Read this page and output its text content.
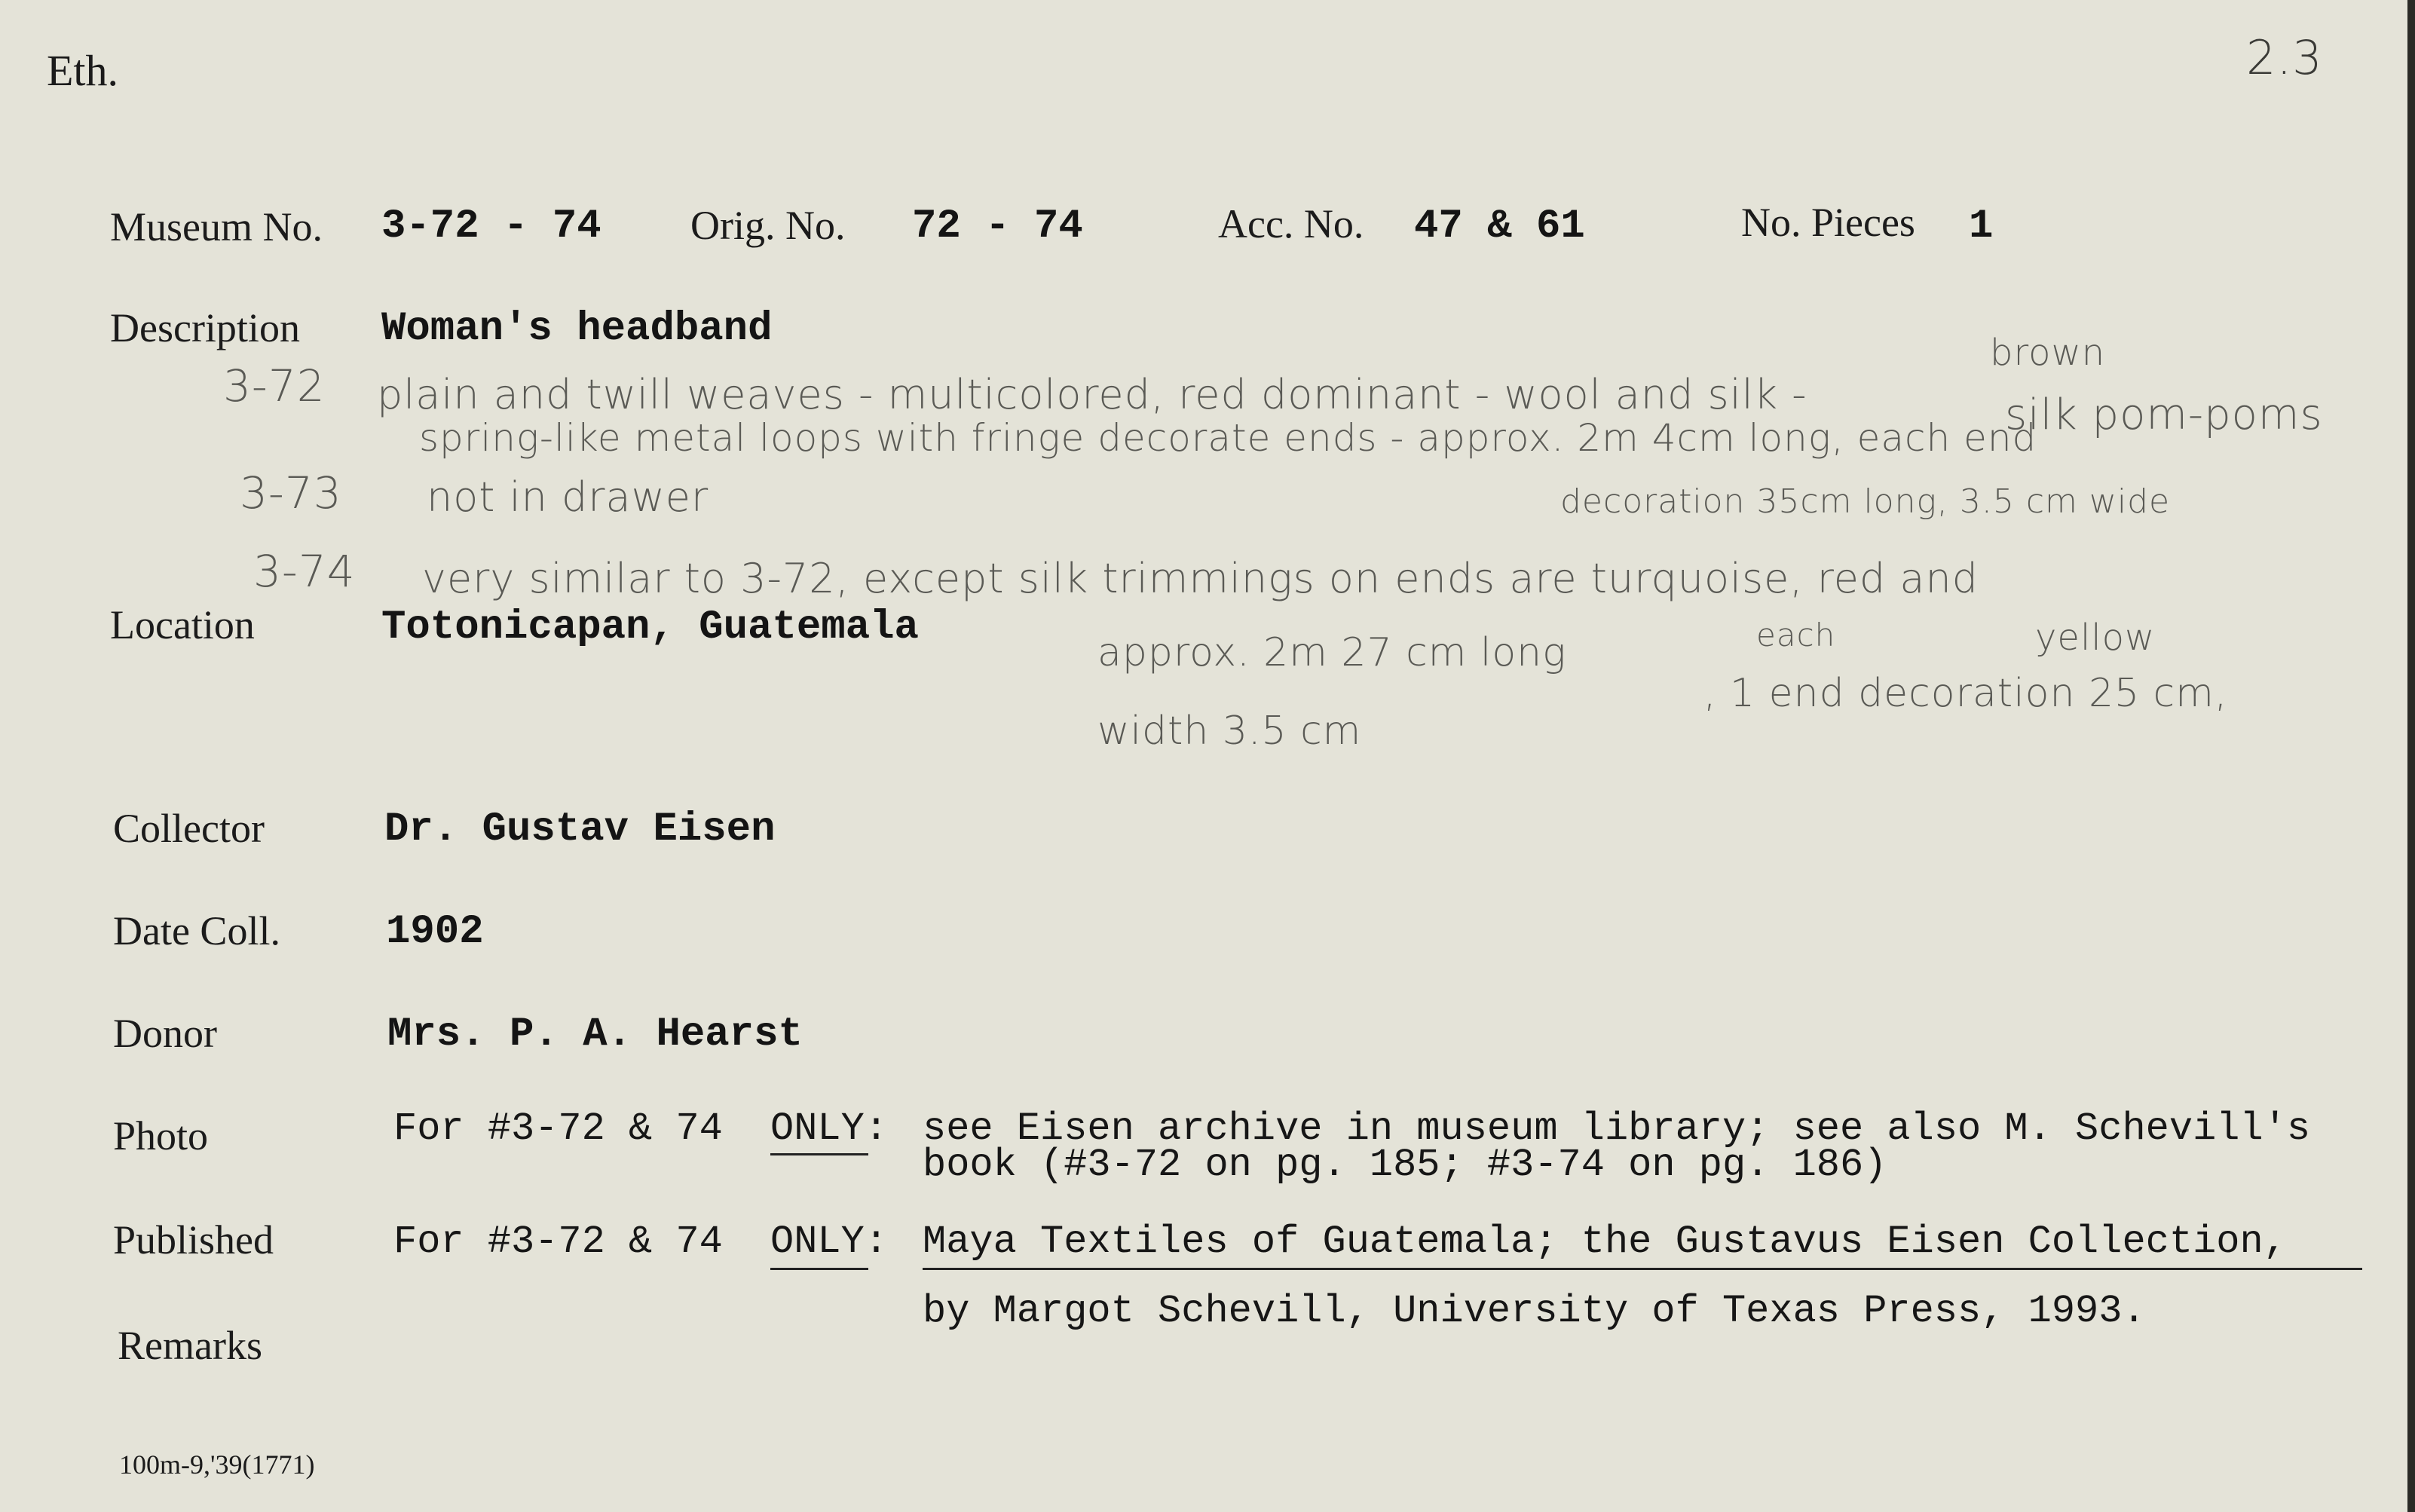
Eth.	2.3
Museum No. 3-72 - 74 Orig. No. 72 - 74	Acc. No. 47 & 61	No. Pieces 1
Description Woman's headband
3-72 plain and twill weaves - multicolored, red dominant - wool and silk -
brown
silk pom-poms
spring-like metal loops with fringe decorate ends - approx. 2m 4cm long, each end
3-73 not in drawer	decoration 35cm long, 3.5 cm wide
3-74 very similar to 3-72, except silk trimmings on ends are turquoise, red and
approx. 2m 27 cm long	each	yellow
, 1 end decoration 25 cm,
width 3.5 cm
Location	Totonicapan, Guatemala
Collector	Dr. Gustav Eisen
Date Coll.	1902
Donor	Mrs. P. A. Hearst
Photo	For #3-72 & 74 ONLY: see Eisen archive in museum library; see also M. Schevill's
book (#3-72 on pg. 185; #3-74 on pg. 186)
Published	For #3-72 & 74 ONLY: Maya Textiles of Guatemala; the Gustavus Eisen Collection,
by Margot Schevill, University of Texas Press, 1993.
Remarks
100m-9,'39(1771)
